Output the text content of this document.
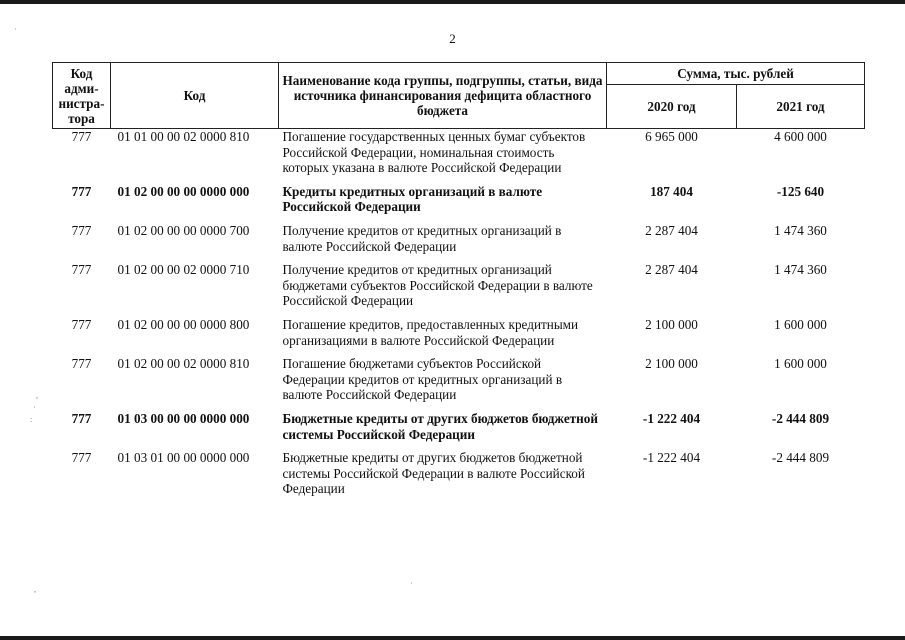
·
,
·
:
,
·
2
Код адми-нистра-тора	Код	Наименование кода группы, подгруппы, статьи, вида источника финансирования дефицита областного бюджета	Сумма, тыс. рублей	
			2020 год	2021 год
777	01 01 00 00 02 0000 810	Погашение государственных ценных бумаг субъектов Российской Федерации, номинальная стоимость которых указана в валюте Российской Федерации	6 965 000	4 600 000
777	01 02 00 00 00 0000 000	Кредиты кредитных организаций в валюте Российской Федерации	187 404	-125 640
777	01 02 00 00 00 0000 700	Получение кредитов от кредитных организаций в валюте Российской Федерации	2 287 404	1 474 360
777	01 02 00 00 02 0000 710	Получение кредитов от кредитных организаций бюджетами субъектов Российской Федерации в валюте Российской Федерации	2 287 404	1 474 360
777	01 02 00 00 00 0000 800	Погашение кредитов, предоставленных кредитными организациями в валюте Российской Федерации	2 100 000	1 600 000
777	01 02 00 00 02 0000 810	Погашение бюджетами субъектов Российской Федерации кредитов от кредитных организаций в валюте Российской Федерации	2 100 000	1 600 000
777	01 03 00 00 00 0000 000	Бюджетные кредиты от других бюджетов бюджетной системы Российской Федерации	-1 222 404	-2 444 809
777	01 03 01 00 00 0000 000	Бюджетные кредиты от других бюджетов бюджетной системы Российской Федерации в валюте Российской Федерации	-1 222 404	-2 444 809
